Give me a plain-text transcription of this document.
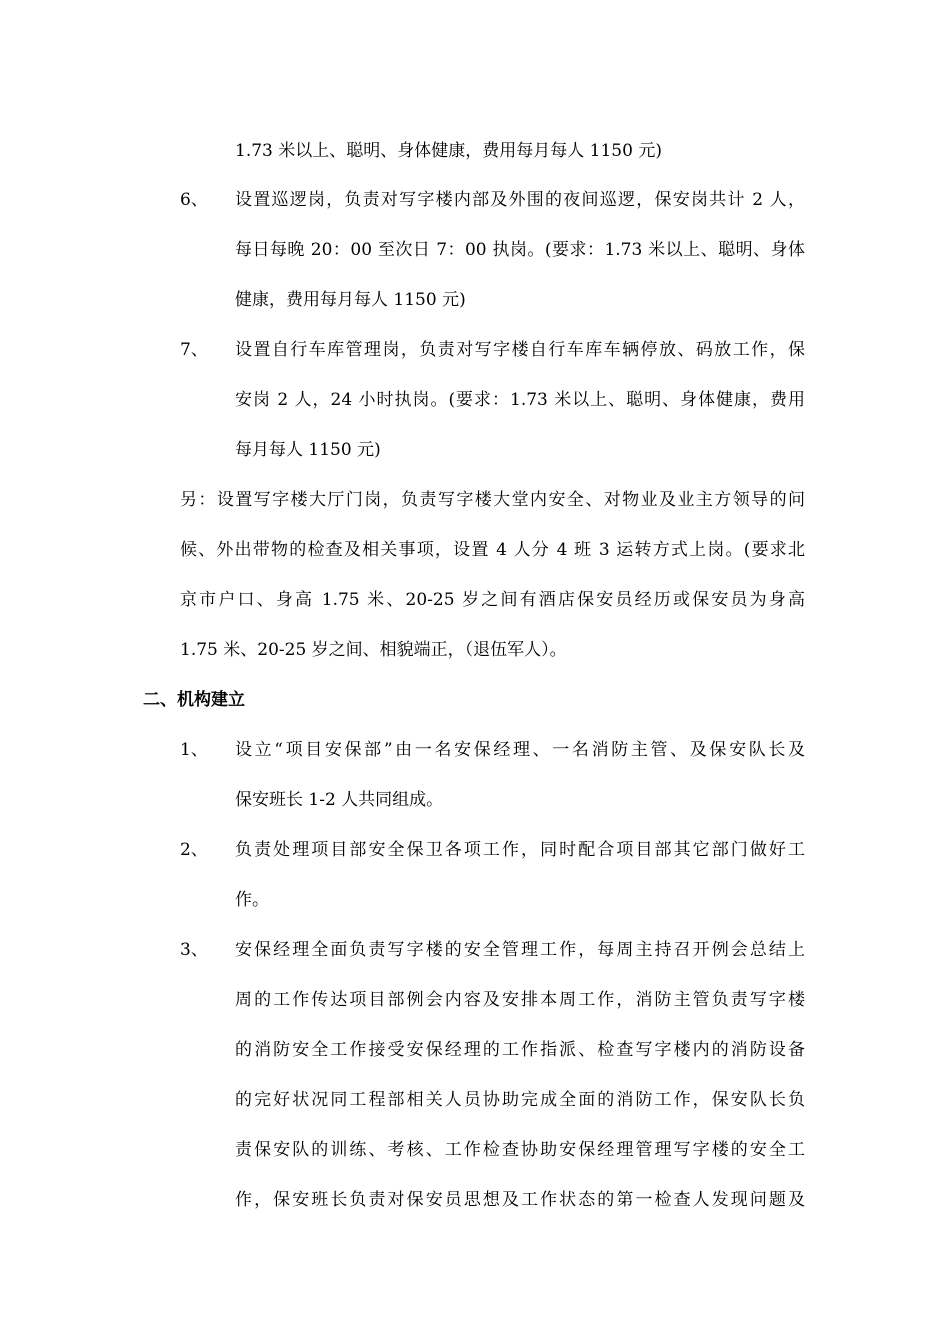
1.73 米以上、聪明、身体健康，费用每月每人 1150 元)
6、	设置巡逻岗，负责对写字楼内部及外围的夜间巡逻，保安岗共计 2 人，
每日每晚 20：00 至次日 7：00 执岗。(要求：1.73 米以上、聪明、身体
健康，费用每月每人 1150 元)
7、	设置自行车库管理岗，负责对写字楼自行车库车辆停放、码放工作，保
安岗 2 人，24 小时执岗。(要求：1.73 米以上、聪明、身体健康，费用
每月每人 1150 元)
另：设置写字楼大厅门岗，负责写字楼大堂内安全、对物业及业主方领导的问
候、外出带物的检查及相关事项，设置 4 人分 4 班 3 运转方式上岗。(要求北
京市户口、身高 1.75 米、20-25 岁之间有酒店保安员经历或保安员为身高
1.75 米、20-25 岁之间、相貌端正，（退伍军人）。
二、机构建立
1、	设立“项目安保部”由一名安保经理、一名消防主管、及保安队长及
保安班长 1-2 人共同组成。
2、	负责处理项目部安全保卫各项工作，同时配合项目部其它部门做好工
作。
3、	安保经理全面负责写字楼的安全管理工作，每周主持召开例会总结上
周的工作传达项目部例会内容及安排本周工作，消防主管负责写字楼
的消防安全工作接受安保经理的工作指派、检查写字楼内的消防设备
的完好状况同工程部相关人员协助完成全面的消防工作，保安队长负
责保安队的训练、考核、工作检查协助安保经理管理写字楼的安全工
作，保安班长负责对保安员思想及工作状态的第一检查人发现问题及
